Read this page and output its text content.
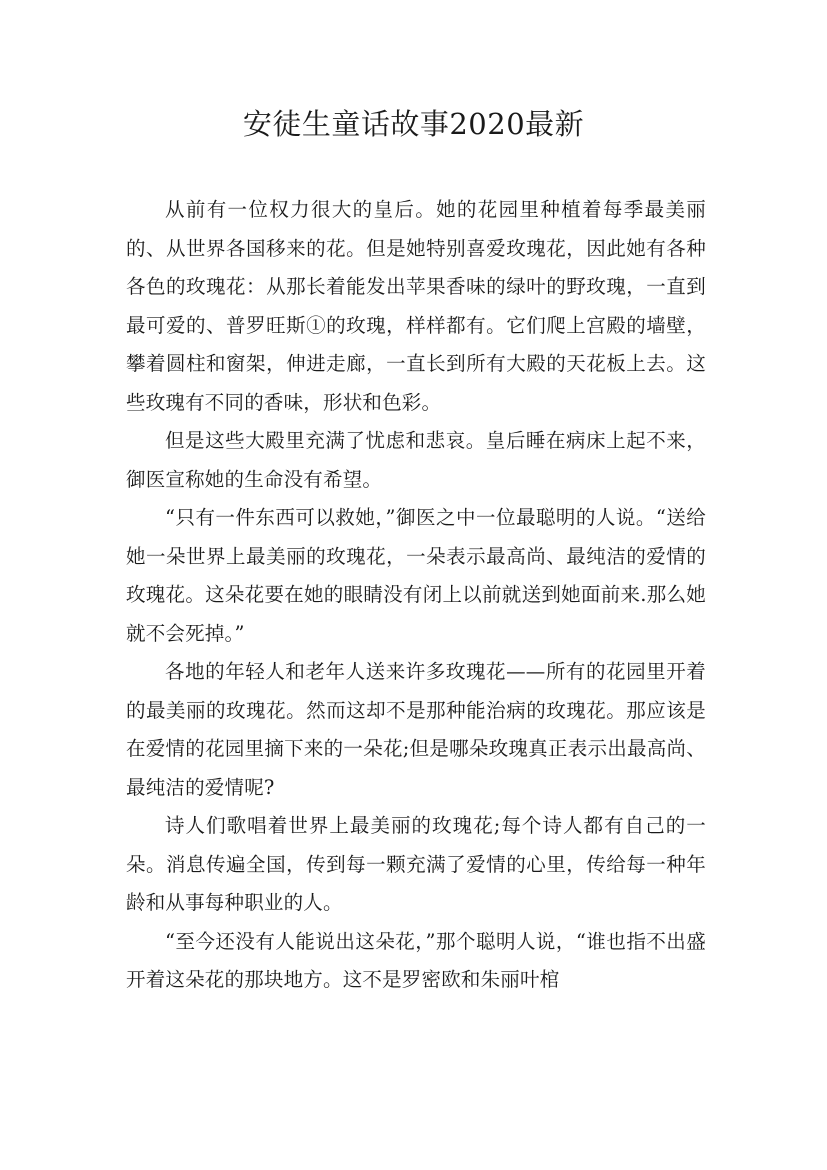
安徒生童话故事2020最新

从前有一位权力很大的皇后。她的花园里种植着每季最美丽的、从世界各国移来的花。但是她特别喜爱玫瑰花，因此她有各种各色的玫瑰花：从那长着能发出苹果香味的绿叶的野玫瑰，一直到最可爱的、普罗旺斯①的玫瑰，样样都有。它们爬上宫殿的墙壁，攀着圆柱和窗架，伸进走廊，一直长到所有大殿的天花板上去。这些玫瑰有不同的香味，形状和色彩。

但是这些大殿里充满了忧虑和悲哀。皇后睡在病床上起不来，御医宣称她的生命没有希望。

“只有一件东西可以救她，”御医之中一位最聪明的人说。“送给她一朵世界上最美丽的玫瑰花，一朵表示最高尚、最纯洁的爱情的玫瑰花。这朵花要在她的眼睛没有闭上以前就送到她面前来.那么她就不会死掉。”

各地的年轻人和老年人送来许多玫瑰花——所有的花园里开着的最美丽的玫瑰花。然而这却不是那种能治病的玫瑰花。那应该是在爱情的花园里摘下来的一朵花;但是哪朵玫瑰真正表示出最高尚、最纯洁的爱情呢?

诗人们歌唱着世界上最美丽的玫瑰花;每个诗人都有自己的一朵。消息传遍全国，传到每一颗充满了爱情的心里，传给每一种年龄和从事每种职业的人。

“至今还没有人能说出这朵花，”那个聪明人说，“谁也指不出盛开着这朵花的那块地方。这不是罗密欧和朱丽叶棺
